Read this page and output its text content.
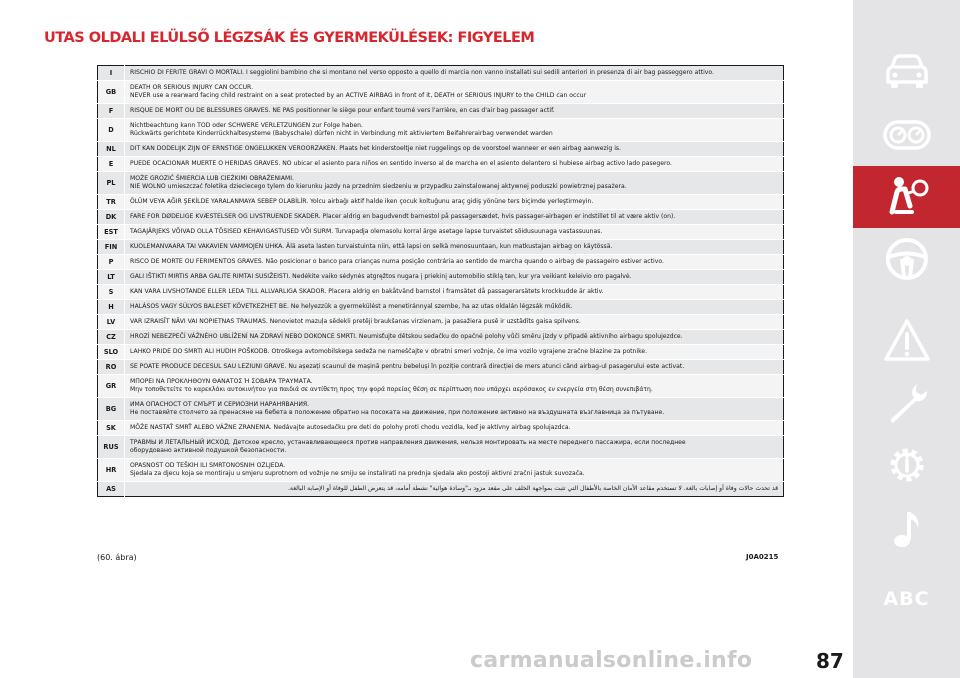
UTAS OLDALI ELÜLSŐ LÉGZSÁK ÉS GYERMEKÜLÉSEK: FIGYELEM
I	RISCHIO DI FERITE GRAVI O MORTALI. I seggiolini bambino che si montano nel verso opposto a quello di marcia non vanno installati sui sedili anteriori in presenza di air bag passeggero attivo.

GB	DEATH OR SERIOUS INJURY CAN OCCUR.
NEVER use a rearward facing child restraint on a seat protected by an ACTIVE AIRBAG in front of it, DEATH or SERIOUS INJURY to the CHILD can occur

F	RISQUE DE MORT OU DE BLESSURES GRAVES. NE PAS positionner le siège pour enfant tourné vers l'arrière, en cas d'air bag passager actif.

D	Nichtbeachtung kann TOD oder SCHWERE VERLETZUNGEN zur Folge haben.
Rückwärts gerichtete Kinderrückhaltesysteme (Babyschale) dürfen nicht in Verbindung mit aktiviertem Beifahrerairbag verwendet warden

NL	DIT KAN DODELIJK ZIJN OF ERNSTIGE ONGELUKKEN VEROORZAKEN. Plaats het kinderstoeltje niet ruggelings op de voorstoel wanneer er een airbag aanwezig is.

E	PUEDE OCACIONAR MUERTE O HERIDAS GRAVES. NO ubicar el asiento para niños en sentido inverso al de marcha en el asiento delantero si hubiese airbag activo lado pasegero.

PL	MOŻE GROZIĆ ŚMIERCIA LUB CIEŻKIMI OBRAŻENIAMI.
NIE WOLNO umieszczać foletika dzieciecego tylem do kierunku jazdy na przednim siedzeniu w przypadku zainstalowanej aktywnej poduszki powietrznej pasażera.

TR	ÖLÜM VEYA AĞIR ŞEKİLDE YARALANMAYA SEBEP OLABİLİR. Yolcu airbağı aktif halde iken çocuk koltuğunu araç gidiş yönüne ters biçimde yerleştirmeyin.

DK	FARE FOR DØDELIGE KVÆSTELSER OG LIVSTRUENDE SKADER. Placer aldrig en bagudvendt barnestol på passagersædet, hvis passager-airbagen er indstillet til at være aktiv (on).

EST	TAGAJÄRJEKS VÕIVAD OLLA TÕSISED KEHAVIGASTUSED VÕI SURM. Turvapadja olemasolu korral ärge asetage lapse turvaistet sõidusuunaga vastassuunas.

FIN	KUOLEMANVAARA TAI VAKAVIEN VAMMOJEN UHKA. Älä aseta lasten turvaistuinta niin, että lapsi on selkä menosuuntaan, kun matkustajan airbag on käytössä.

P	RISCO DE MORTE OU FERIMENTOS GRAVES. Não posicionar o banco para crianças numa posição contrária ao sentido de marcha quando o airbag de passageiro estiver activo.

LT	GALI IŠTIKTI MIRTIS ARBA GALITE RIMTAI SUSIŽEISTI. Nedėkite vaiko sėdynės atgręžtos nugara į priekinį automobilio stiklą ten, kur yra veikiant keleivio oro pagalvė.

S	KAN VARA LIVSHOTANDE ELLER LEDA TILL ALLVARLIGA SKADOR. Placera aldrig en bakåtvänd barnstol i framsätet då passagerarsätets krockkudde är aktiv.

H	HALÁSOS VAGY SÚLYOS BALESET KÖVETKEZHET BE. Ne helyezzük a gyermekülést a menetiránnyal szembe, ha az utas oldalán légzsák működik.

LV	VAR IZRAISĪT NĀVI VAI NOPIETNAS TRAUMAS. Nenovietot mazuļa sēdekli pretēji braukšanas virzienam, ja pasažiera pusē ir uzstādīts gaisa spilvens.

CZ	HROZÍ NEBEZPEČÍ VÁŽNÉHO UBLÍŽENÍ NA ZDRAVÍ NEBO DOKONCE SMRTI. Neumisťujte dětskou sedačku do opačné polohy vůči směru jízdy v případě aktivního airbagu spolujezdce.

SLO	LAHKO PRIDE DO SMRTI ALI HUDIH POŠKODB. Otroškega avtomobilskega sedeža ne nameščajte v obratni smeri vožnje, če ima vozilo vgrajene zračne blazine za potnike.

RO	SE POATE PRODUCE DECESUL SAU LEZIUNI GRAVE. Nu așezați scaunul de mașină pentru bebeluși în poziție contrară direcției de mers atunci când airbag-ul pasagerului este activat.

GR	ΜΠΟΡΕΙ ΝΑ ΠΡΟΚΛΗΘΟΥΝ ΘΑΝΑΤΟΣ Ή ΣΟΒΑΡΑ ΤΡΑΥΜΑΤΑ.
Μην τοποθετείτε το καρεκλάκι αυτοκινήτου για παιδιά σε αντίθετη προς την φορά πορείας θέση σε περίπτωση που υπάρχει αερόσακος εν ενεργεία στη θέση συνεπιβάτη.

BG	ИМА ОПАСНОСТ ОТ СМЪРТ И СЕРИОЗНИ НАРАНЯВАНИЯ.
Не поставяйте столчето за пренасяне на бебета в положение обратно на посоката на движение, при положение активно на въздушната възглавница за пътуване.

SK	MÔŽE NASTAŤ SMRŤ ALEBO VÁŽNE ZRANENIA. Nedávajte autosedačku pre deti do polohy proti chodu vozidla, keď je aktívny airbag spolujazdca.

RUS	ТРАВМЫ И ЛЕТАЛЬНЫЙ ИСХОД. Детское кресло, устанавливающееся против направления движения, нельзя монтировать на месте переднего пассажира, если последнее
оборудовано активной подушкой безопасности.

HR	OPASNOST OD TEŠKIH ILI SMRTONOSNIH OZLJEDA.
Sjedala za djecu koja se montiraju u smjeru suprotnom od vožnje ne smiju se instalirati na prednja sjedala ako postoji aktivni zračni jastuk suvozača.

AS	قد تحدث حالات وفاة أو إصابات بالغة. لا تستخدم مقاعد الأمان الخاصة بالأطفال التي تثبت بمواجهة الخلف على مقعد مزود بـ"وسادة هوائية" نشطة أمامه، قد يتعرض الطفل للوفاة أو الإصابة البالغة.
(60. ábra)	J0A0215
ABC
carmanualsonline.info	87
